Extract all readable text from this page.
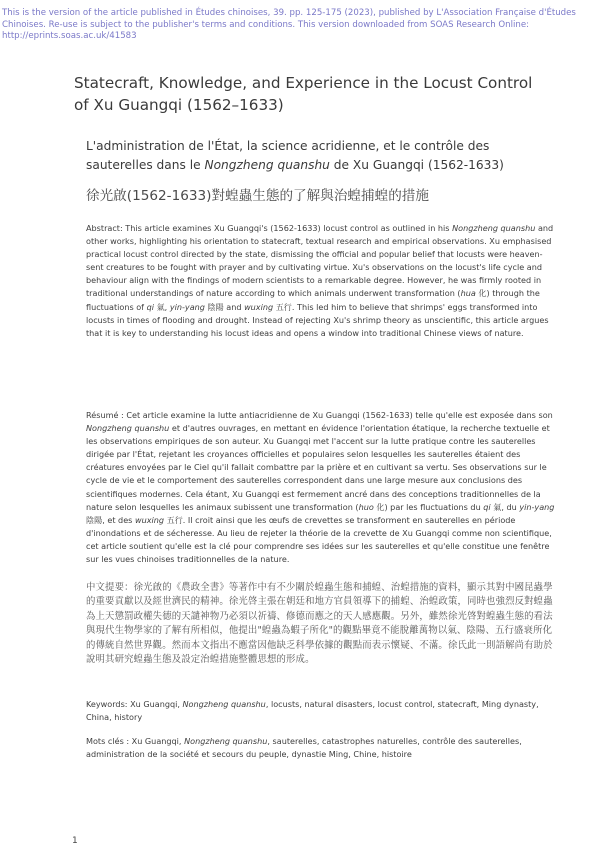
This is the version of the article published in Études chinoises, 39. pp. 125-175 (2023), published by L'Association Française d'Études Chinoises. Re-use is subject to the publisher's terms and conditions. This version downloaded from SOAS Research Online: http://eprints.soas.ac.uk/41583
Statecraft, Knowledge, and Experience in the Locust Control of Xu Guangqi (1562–1633)
L'administration de l'État, la science acridienne, et le contrôle des sauterelles dans le Nongzheng quanshu de Xu Guangqi (1562-1633)
徐光啟(1562-1633)對蝗蟲生態的了解與治蝗捕蝗的措施

Abstract: This article examines Xu Guangqi's (1562-1633) locust control as outlined in his Nongzheng quanshu and other works, highlighting his orientation to statecraft, textual research and empirical observations. Xu emphasised practical locust control directed by the state, dismissing the official and popular belief that locusts were heaven-sent creatures to be fought with prayer and by cultivating virtue. Xu's observations on the locust's life cycle and behaviour align with the findings of modern scientists to a remarkable degree. However, he was firmly rooted in traditional understandings of nature according to which animals underwent transformation (hua 化) through the fluctuations of qi 氣, yin-yang 陰陽 and wuxing 五行. This led him to believe that shrimps' eggs transformed into locusts in times of flooding and drought. Instead of rejecting Xu's shrimp theory as unscientific, this article argues that it is key to understanding his locust ideas and opens a window into traditional Chinese views of nature.

Résumé : Cet article examine la lutte antiacridienne de Xu Guangqi (1562-1633) telle qu'elle est exposée dans son Nongzheng quanshu et d'autres ouvrages, en mettant en évidence l'orientation étatique, la recherche textuelle et les observations empiriques de son auteur. Xu Guangqi met l'accent sur la lutte pratique contre les sauterelles dirigée par l'État, rejetant les croyances officielles et populaires selon lesquelles les sauterelles étaient des créatures envoyées par le Ciel qu'il fallait combattre par la prière et en cultivant sa vertu. Ses observations sur le cycle de vie et le comportement des sauterelles correspondent dans une large mesure aux conclusions des scientifiques modernes. Cela étant, Xu Guangqi est fermement ancré dans des conceptions traditionnelles de la nature selon lesquelles les animaux subissent une transformation (huo 化) par les fluctuations du qi 氣, du yin-yang 陰陽, et des wuxing 五行. Il croit ainsi que les œufs de crevettes se transforment en sauterelles en période d'inondations et de sécheresse. Au lieu de rejeter la théorie de la crevette de Xu Guangqi comme non scientifique, cet article soutient qu'elle est la clé pour comprendre ses idées sur les sauterelles et qu'elle constitue une fenêtre sur les vues chinoises traditionnelles de la nature.

中文提要：徐光啟的《農政全書》等著作中有不少關於蝗蟲生態和捕蝗、治蝗措施的資料，顯示其對中國昆蟲學的重要貢獻以及經世濟民的精神。徐光啓主張在朝廷和地方官員領導下的捕蝗、治蝗政策，同時也強烈反對蝗蟲為上天懲罰政權失德的天譴神物乃必須以祈禱、修德而應之的天人感應觀。另外，雖然徐光啓對蝗蟲生態的看法與現代生物學家的了解有所相似，他提出"蝗蟲為蝦子所化"的觀點畢竟不能脫離萬物以氣、陰陽、五行盛衰所化的傳統自然世界觀。然而本文指出不應當因他缺乏科學依據的觀點而表示懷疑、不滿。徐氏此一則語解尚有助於說明其研究蝗蟲生態及設定治蝗措施整體思想的形成。

Keywords: Xu Guangqi, Nongzheng quanshu, locusts, natural disasters, locust control, statecraft, Ming dynasty, China, history

Mots clés : Xu Guangqi, Nongzheng quanshu, sauterelles, catastrophes naturelles, contrôle des sauterelles, administration de la société et secours du peuple, dynastie Ming, Chine, histoire

1
